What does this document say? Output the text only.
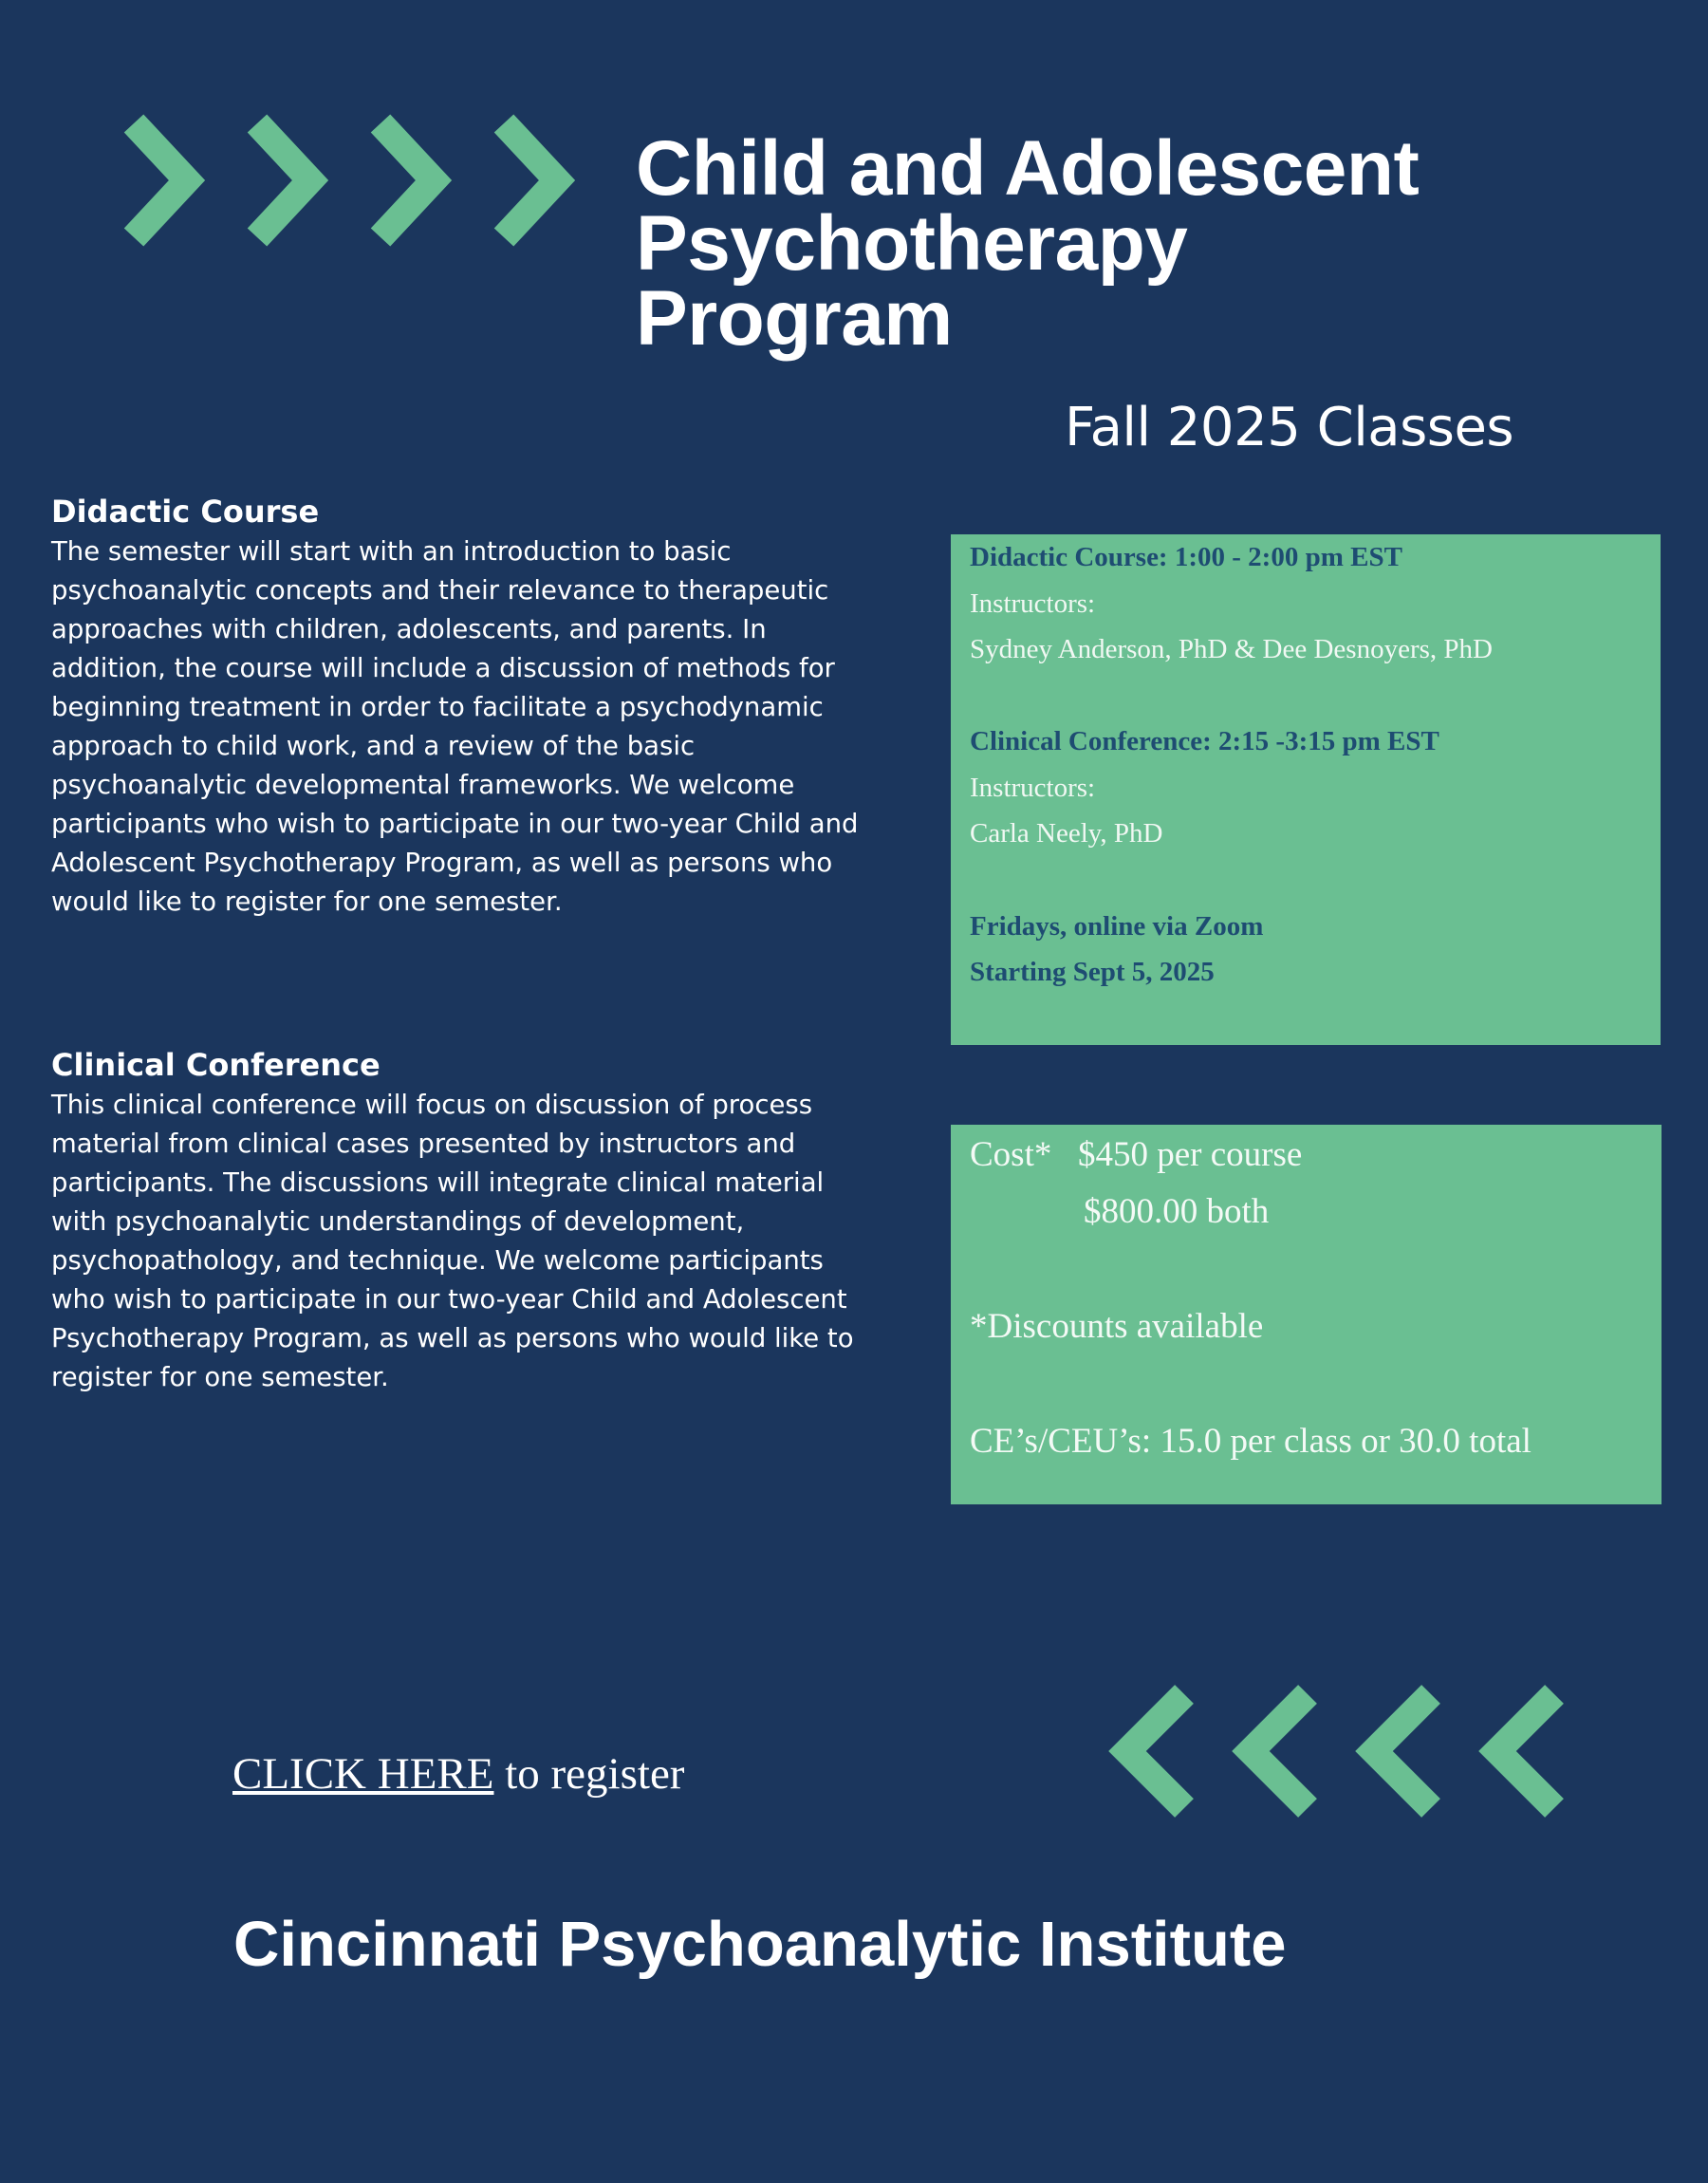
Child and Adolescent
Psychotherapy
Program
Fall 2025 Classes
Didactic Course
The semester will start with an introduction to basic
psychoanalytic concepts and their relevance to therapeutic
approaches with children, adolescents, and parents. In
addition, the course will include a discussion of methods for
beginning treatment in order to facilitate a psychodynamic
approach to child work, and a review of the basic
psychoanalytic developmental frameworks. We welcome
participants who wish to participate in our two-year Child and
Adolescent Psychotherapy Program, as well as persons who
would like to register for one semester.
Clinical Conference
This clinical conference will focus on discussion of process
material from clinical cases presented by instructors and
participants. The discussions will integrate clinical material
with psychoanalytic understandings of development,
psychopathology, and technique. We welcome participants
who wish to participate in our two-year Child and Adolescent
Psychotherapy Program, as well as persons who would like to
register for one semester.
Didactic Course: 1:00 - 2:00 pm EST
Instructors:
Sydney Anderson, PhD & Dee Desnoyers, PhD
Clinical Conference: 2:15 -3:15 pm EST
Instructors:
Carla Neely, PhD
Fridays, online via Zoom
Starting Sept 5, 2025
Cost* $450 per course
$800.00 both
*Discounts available
CE’s/CEU’s: 15.0 per class or 30.0 total
CLICK HERE to register
Cincinnati Psychoanalytic Institute
